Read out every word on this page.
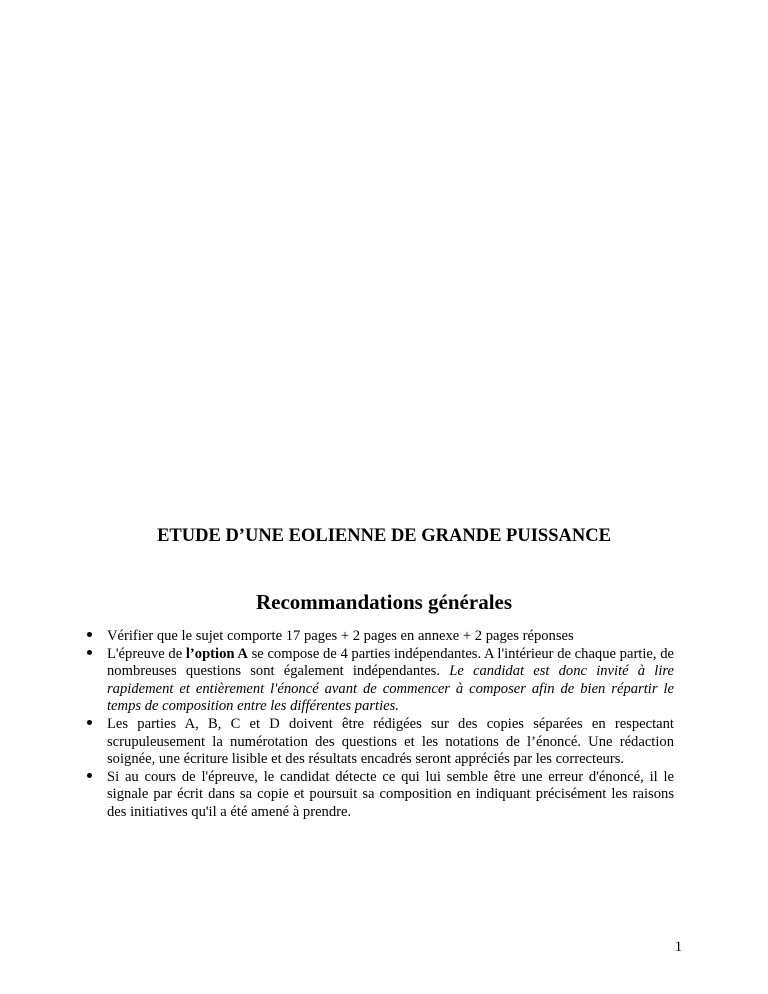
ETUDE D’UNE EOLIENNE DE GRANDE PUISSANCE
Recommandations générales
Vérifier que le sujet comporte 17 pages + 2 pages en annexe + 2 pages réponses
L'épreuve de l’option A se compose de 4 parties indépendantes. A l'intérieur de chaque partie, de nombreuses questions sont également indépendantes. Le candidat est donc invité à lire rapidement et entièrement l'énoncé avant de commencer à composer afin de bien répartir le temps de composition entre les différentes parties.
Les parties A, B, C et D doivent être rédigées sur des copies séparées en respectant scrupuleusement la numérotation des questions et les notations de l’énoncé. Une rédaction soignée, une écriture lisible et des résultats encadrés seront appréciés par les correcteurs.
Si au cours de l'épreuve, le candidat détecte ce qui lui semble être une erreur d'énoncé, il le signale par écrit dans sa copie et poursuit sa composition en indiquant précisément les raisons des initiatives qu'il a été amené à prendre.
1
